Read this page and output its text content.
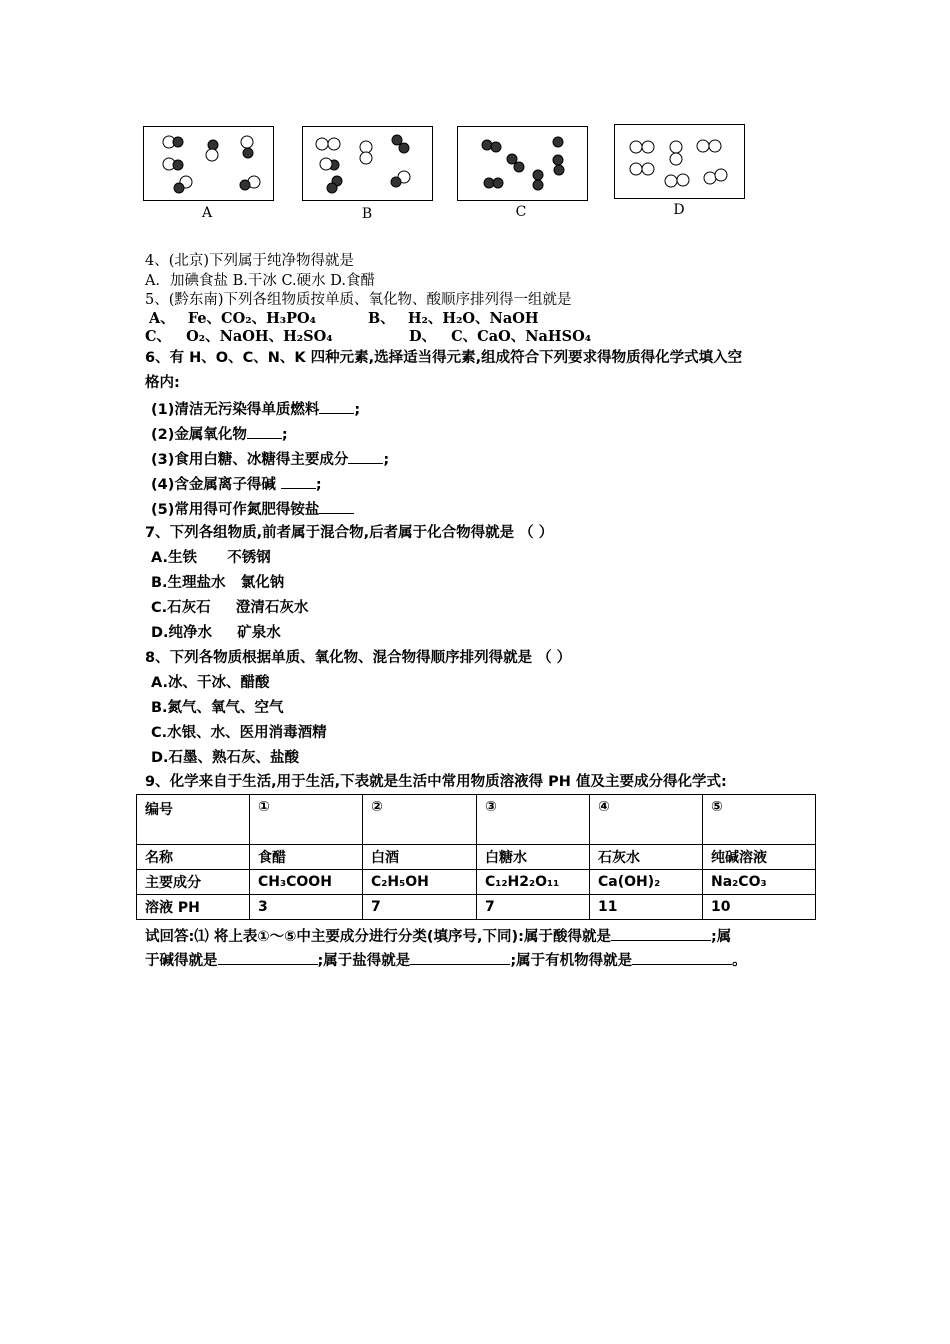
A	B	C	D
4、(北京)下列属于纯净物得就是
A．加碘食盐 B.干冰 C.硬水 D.食醋
5、(黔东南)下列各组物质按单质、氧化物、酸顺序排列得一组就是
A、 Fe、CO₂、H₃PO₄	B、 H₂、H₂O、NaOH
C、 O₂、NaOH、H₂SO₄	D、 C、CaO、NaHSO₄
6、有 H、O、C、N、K 四种元素,选择适当得元素,组成符合下列要求得物质得化学式填入空
格内:
(1)清洁无污染得单质燃料 ;
(2)金属氧化物 ;
(3)食用白糖、冰糖得主要成分 ;
(4)含金属离子得碱 ;
(5)常用得可作氮肥得铵盐
7、下列各组物质,前者属于混合物,后者属于化合物得就是 （ ）
A.生铁      不锈钢
B.生理盐水   氯化钠
C.石灰石     澄清石灰水
D.纯净水     矿泉水
8、下列各物质根据单质、氧化物、混合物得顺序排列得就是 （ ）
A.冰、干冰、醋酸
B.氮气、氧气、空气
C.水银、水、医用消毒酒精
D.石墨、熟石灰、盐酸
9、化学来自于生活,用于生活,下表就是生活中常用物质溶液得 PH 值及主要成分得化学式:
编号	①	②	③	④	⑤
名称	食醋	白酒	白糖水	石灰水	纯碱溶液
主要成分	CH₃COOH	C₂H₅OH	C₁₂H2₂O₁₁	Ca(OH)₂	Na₂CO₃
溶液 PH	3	7	7	11	10
试回答:⑴ 将上表①～⑤中主要成分进行分类(填序号,下同):属于酸得就是	;属
于碱得就是	;属于盐得就是	;属于有机物得就是	。
